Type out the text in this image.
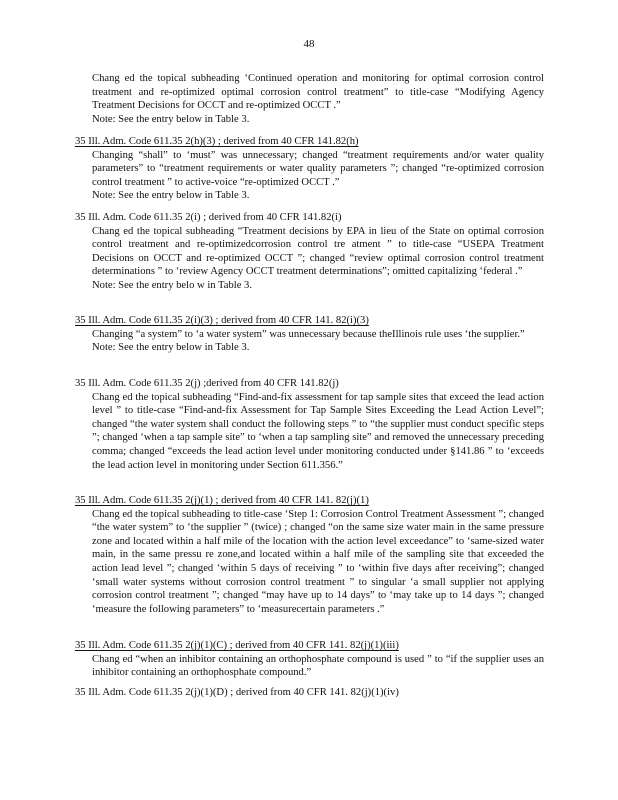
48

Chang ed the topical subheading ‘Continued operation and monitoring for optimal corrosion control treatment and re-optimized optimal corrosion control treatment” to title-case “Modifying Agency Treatment Decisions for OCCT and re-optimized OCCT .”

Note: See the entry below in Table 3.

35 Ill. Adm. Code 611.35 2(h)(3) ; derived from 40 CFR 141.82(h)

Changing “shall” to ‘must” was unnecessary; changed “treatment requirements and/or water quality parameters” to “treatment requirements or water quality parameters ”; changed “re-optimized corrosion control treatment ” to active-voice “re-optimized OCCT .”

Note: See the entry below in Table 3.

35 Ill. Adm. Code 611.35 2(i) ; derived from 40 CFR 141.82(i)

Chang ed the topical subheading “Treatment decisions by EPA in lieu of the State on optimal corrosion control treatment and re-optimizedcorrosion control tre atment ” to title-case “USEPA Treatment Decisions on OCCT and re-optimized OCCT ”; changed “review optimal corrosion control treatment determinations ” to ‘review Agency OCCT treatment determinations”; omitted capitalizing ‘federal .”

Note: See the entry belo w in Table 3.

35 Ill. Adm. Code 611.35 2(i)(3) ; derived from 40 CFR 141. 82(i)(3)

Changing “a system” to ‘a water system” was unnecessary because theIllinois rule uses ‘the supplier.”

Note: See the entry below in Table 3.

35 Ill. Adm. Code 611.35 2(j) ;derived from 40 CFR 141.82(j)

Chang ed the topical subheading “Find-and-fix assessment for tap sample sites that exceed the lead action level ” to title-case “Find-and-fix Assessment for Tap Sample Sites Exceeding the Lead Action Level”; changed “the water system shall conduct the following steps ” to “the supplier must conduct specific steps ”; changed ‘when a tap sample site” to ‘when a tap sampling site” and removed the unnecessary preceding comma; changed “exceeds the lead action level under monitoring conducted under §141.86 ” to ‘exceeds the lead action level in monitoring under Section 611.356.”

35 Ill. Adm. Code 611.35 2(j)(1) ; derived from 40 CFR 141. 82(j)(1)

Chang ed the topical subheading to title-case ‘Step 1: Corrosion Control Treatment Assessment ”; changed “the water system” to ‘the supplier ” (twice) ; changed “on the same size water main in the same pressure zone and located within a half mile of the location with the action level exceedance” to ‘same-sized water main, in the same pressu re zone,and located within a half mile of the sampling site that exceeded the action lead level ”; changed ‘within 5 days of receiving ” to ‘within five days after receiving”; changed ‘small water systems without corrosion control treatment ” to singular ‘a small supplier not applying corrosion control treatment ”; changed “may have up to 14 days” to ‘may take up to 14 days ”; changed ‘measure the following parameters” to ‘measurecertain parameters .”

35 Ill. Adm. Code 611.35 2(j)(1)(C) ; derived from 40 CFR 141. 82(j)(1)(iii)

Chang ed “when an inhibitor containing an orthophosphate compound is used ” to “if the supplier uses an inhibitor containing an orthophosphate compound.”

35 Ill. Adm. Code 611.35 2(j)(1)(D) ; derived from 40 CFR 141. 82(j)(1)(iv)
